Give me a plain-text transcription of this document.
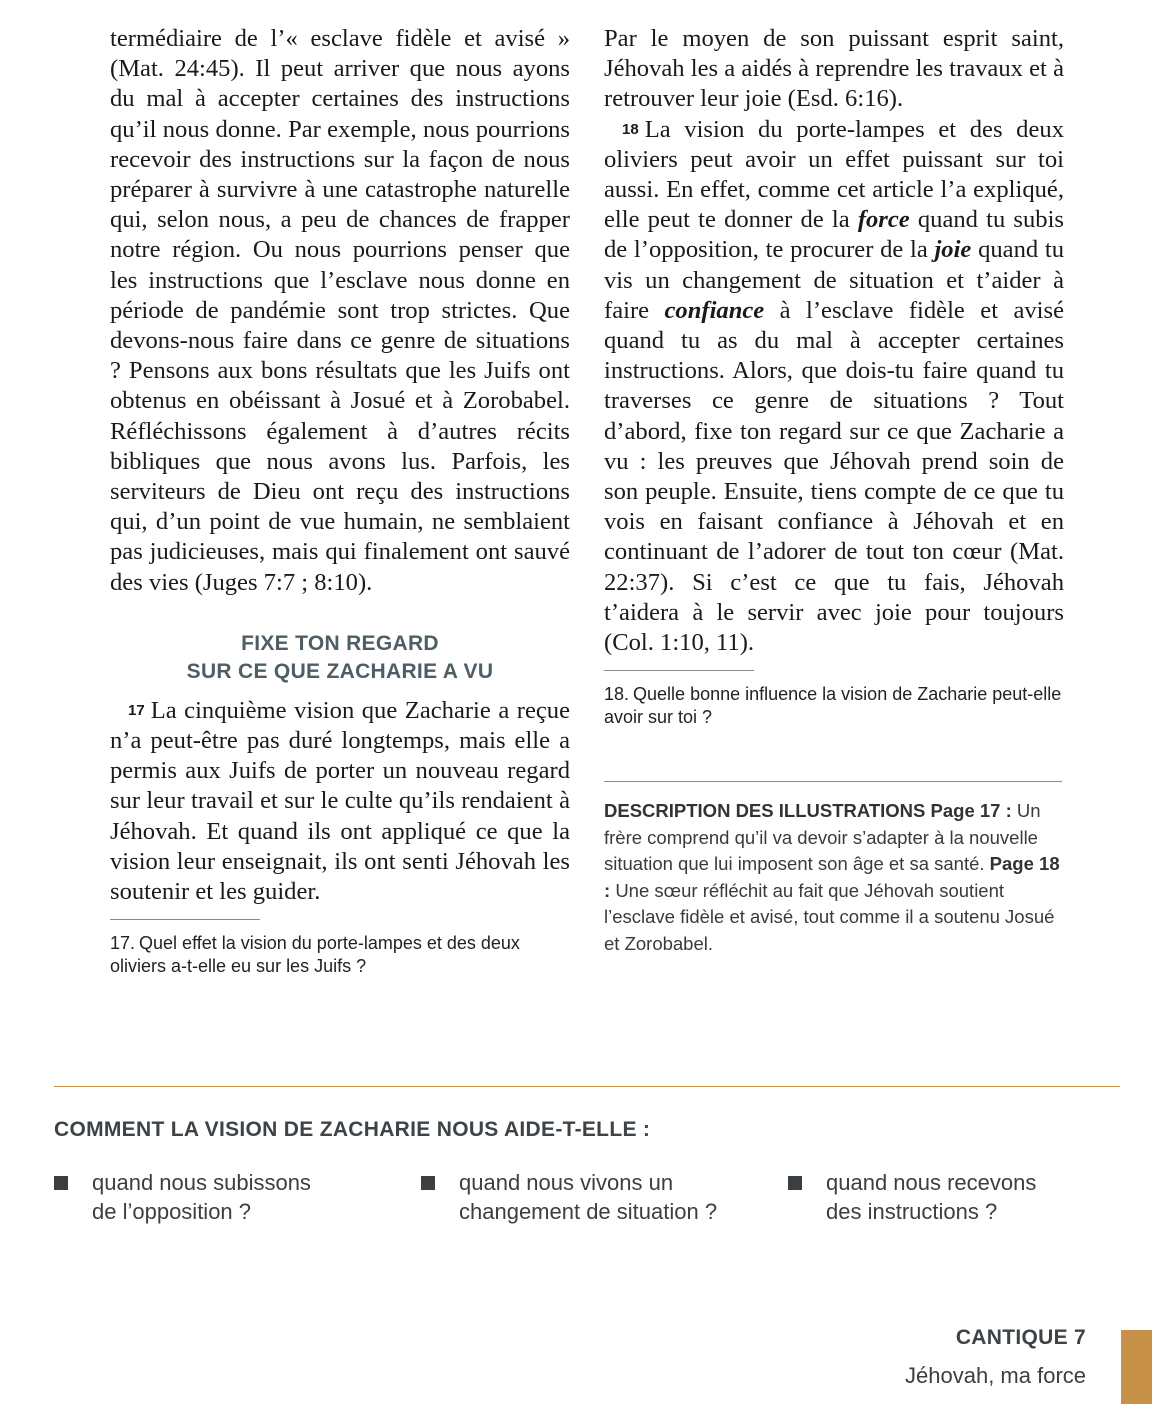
termédiaire de l’« esclave fidèle et avisé » (Mat. 24:45). Il peut arriver que nous ayons du mal à accepter certaines des instructions qu’il nous donne. Par exemple, nous pourrions recevoir des instructions sur la façon de nous préparer à survivre à une catastrophe naturelle qui, selon nous, a peu de chances de frapper notre région. Ou nous pourrions penser que les instructions que l’esclave nous donne en période de pandémie sont trop strictes. Que devons-nous faire dans ce genre de situations ? Pensons aux bons résultats que les Juifs ont obtenus en obéissant à Josué et à Zorobabel. Réfléchissons également à d’autres récits bibliques que nous avons lus. Parfois, les serviteurs de Dieu ont reçu des instructions qui, d’un point de vue humain, ne semblaient pas judicieuses, mais qui finalement ont sauvé des vies (Juges 7:7 ; 8:10).

FIXE TON REGARD
SUR CE QUE ZACHARIE A VU

17 La cinquième vision que Zacharie a reçue n’a peut-être pas duré longtemps, mais elle a permis aux Juifs de porter un nouveau regard sur leur travail et sur le culte qu’ils rendaient à Jéhovah. Et quand ils ont appliqué ce que la vision leur enseignait, ils ont senti Jéhovah les soutenir et les guider.

17. Quel effet la vision du porte-lampes et des deux oliviers a-t-elle eu sur les Juifs ?

Par le moyen de son puissant esprit saint, Jéhovah les a aidés à reprendre les travaux et à retrouver leur joie (Esd. 6:16).

18 La vision du porte-lampes et des deux oliviers peut avoir un effet puissant sur toi aussi. En effet, comme cet article l’a expliqué, elle peut te donner de la force quand tu subis de l’opposition, te procurer de la joie quand tu vis un changement de situation et t’aider à faire confiance à l’esclave fidèle et avisé quand tu as du mal à accepter certaines instructions. Alors, que dois-tu faire quand tu traverses ce genre de situations ? Tout d’abord, fixe ton regard sur ce que Zacharie a vu : les preuves que Jéhovah prend soin de son peuple. Ensuite, tiens compte de ce que tu vois en faisant confiance à Jéhovah et en continuant de l’adorer de tout ton cœur (Mat. 22:37). Si c’est ce que tu fais, Jéhovah t’aidera à le servir avec joie pour toujours (Col. 1:10, 11).

18. Quelle bonne influence la vision de Zacharie peut-elle avoir sur toi ?
DESCRIPTION DES ILLUSTRATIONS Page 17 : Un frère comprend qu’il va devoir s’adapter à la nouvelle situation que lui imposent son âge et sa santé. Page 18 : Une sœur réfléchit au fait que Jéhovah soutient l’esclave fidèle et avisé, tout comme il a soutenu Josué et Zorobabel.
COMMENT LA VISION DE ZACHARIE NOUS AIDE-T-ELLE :
quand nous subissons
de l’opposition ?
quand nous vivons un
changement de situation ?
quand nous recevons
des instructions ?
CANTIQUE 7
Jéhovah, ma force
